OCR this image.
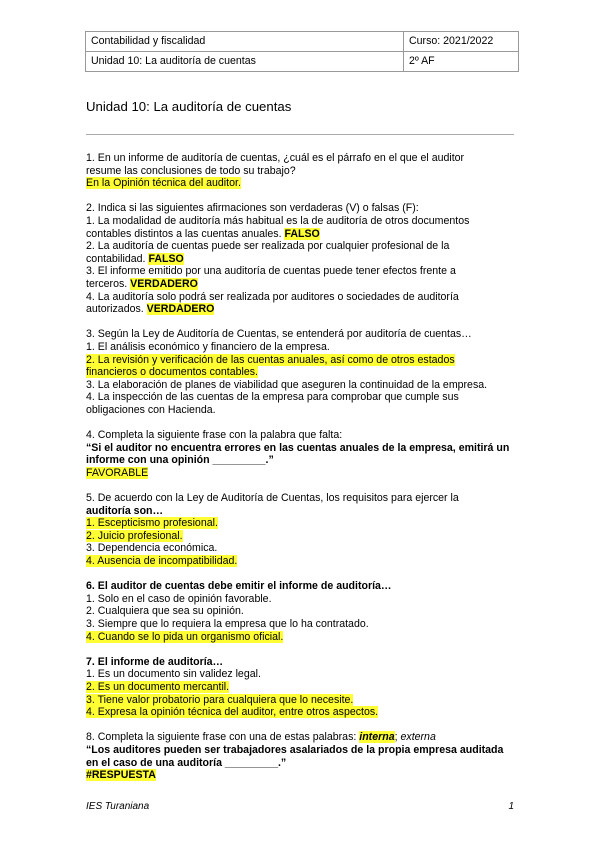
Contabilidad y fiscalidad	Curso: 2021/2022
Unidad 10: La auditoría de cuentas	2º AF
Unidad 10: La auditoría de cuentas

1. En un informe de auditoría de cuentas, ¿cuál es el párrafo en el que el auditor

resume las conclusiones de todo su trabajo?

En la Opinión técnica del auditor.

2. Indica si las siguientes afirmaciones son verdaderas (V) o falsas (F):

1. La modalidad de auditoría más habitual es la de auditoría de otros documentos

contables distintos a las cuentas anuales. FALSO

2. La auditoría de cuentas puede ser realizada por cualquier profesional de la

contabilidad. FALSO

3. El informe emitido por una auditoría de cuentas puede tener efectos frente a

terceros. VERDADERO

4. La auditoría solo podrá ser realizada por auditores o sociedades de auditoría

autorizados. VERDADERO

3. Según la Ley de Auditoría de Cuentas, se entenderá por auditoría de cuentas…

1. El análisis económico y financiero de la empresa.

2. La revisión y verificación de las cuentas anuales, así como de otros estados

financieros o documentos contables.

3. La elaboración de planes de viabilidad que aseguren la continuidad de la empresa.

4. La inspección de las cuentas de la empresa para comprobar que cumple sus

obligaciones con Hacienda.

4. Completa la siguiente frase con la palabra que falta:

“Si el auditor no encuentra errores en las cuentas anuales de la empresa, emitirá un

informe con una opinión _________.”

FAVORABLE

5. De acuerdo con la Ley de Auditoría de Cuentas, los requisitos para ejercer la

auditoría son…

1. Escepticismo profesional.

2. Juicio profesional.

3. Dependencia económica.

4. Ausencia de incompatibilidad.

6. El auditor de cuentas debe emitir el informe de auditoría…

1. Solo en el caso de opinión favorable.

2. Cualquiera que sea su opinión.

3. Siempre que lo requiera la empresa que lo ha contratado.

4. Cuando se lo pida un organismo oficial.

7. El informe de auditoría…

1. Es un documento sin validez legal.

2. Es un documento mercantil.

3. Tiene valor probatorio para cualquiera que lo necesite.

4. Expresa la opinión técnica del auditor, entre otros aspectos.

8. Completa la siguiente frase con una de estas palabras: interna; externa

“Los auditores pueden ser trabajadores asalariados de la propia empresa auditada

en el caso de una auditoría _________.”

#RESPUESTA

IES Turaniana	1
